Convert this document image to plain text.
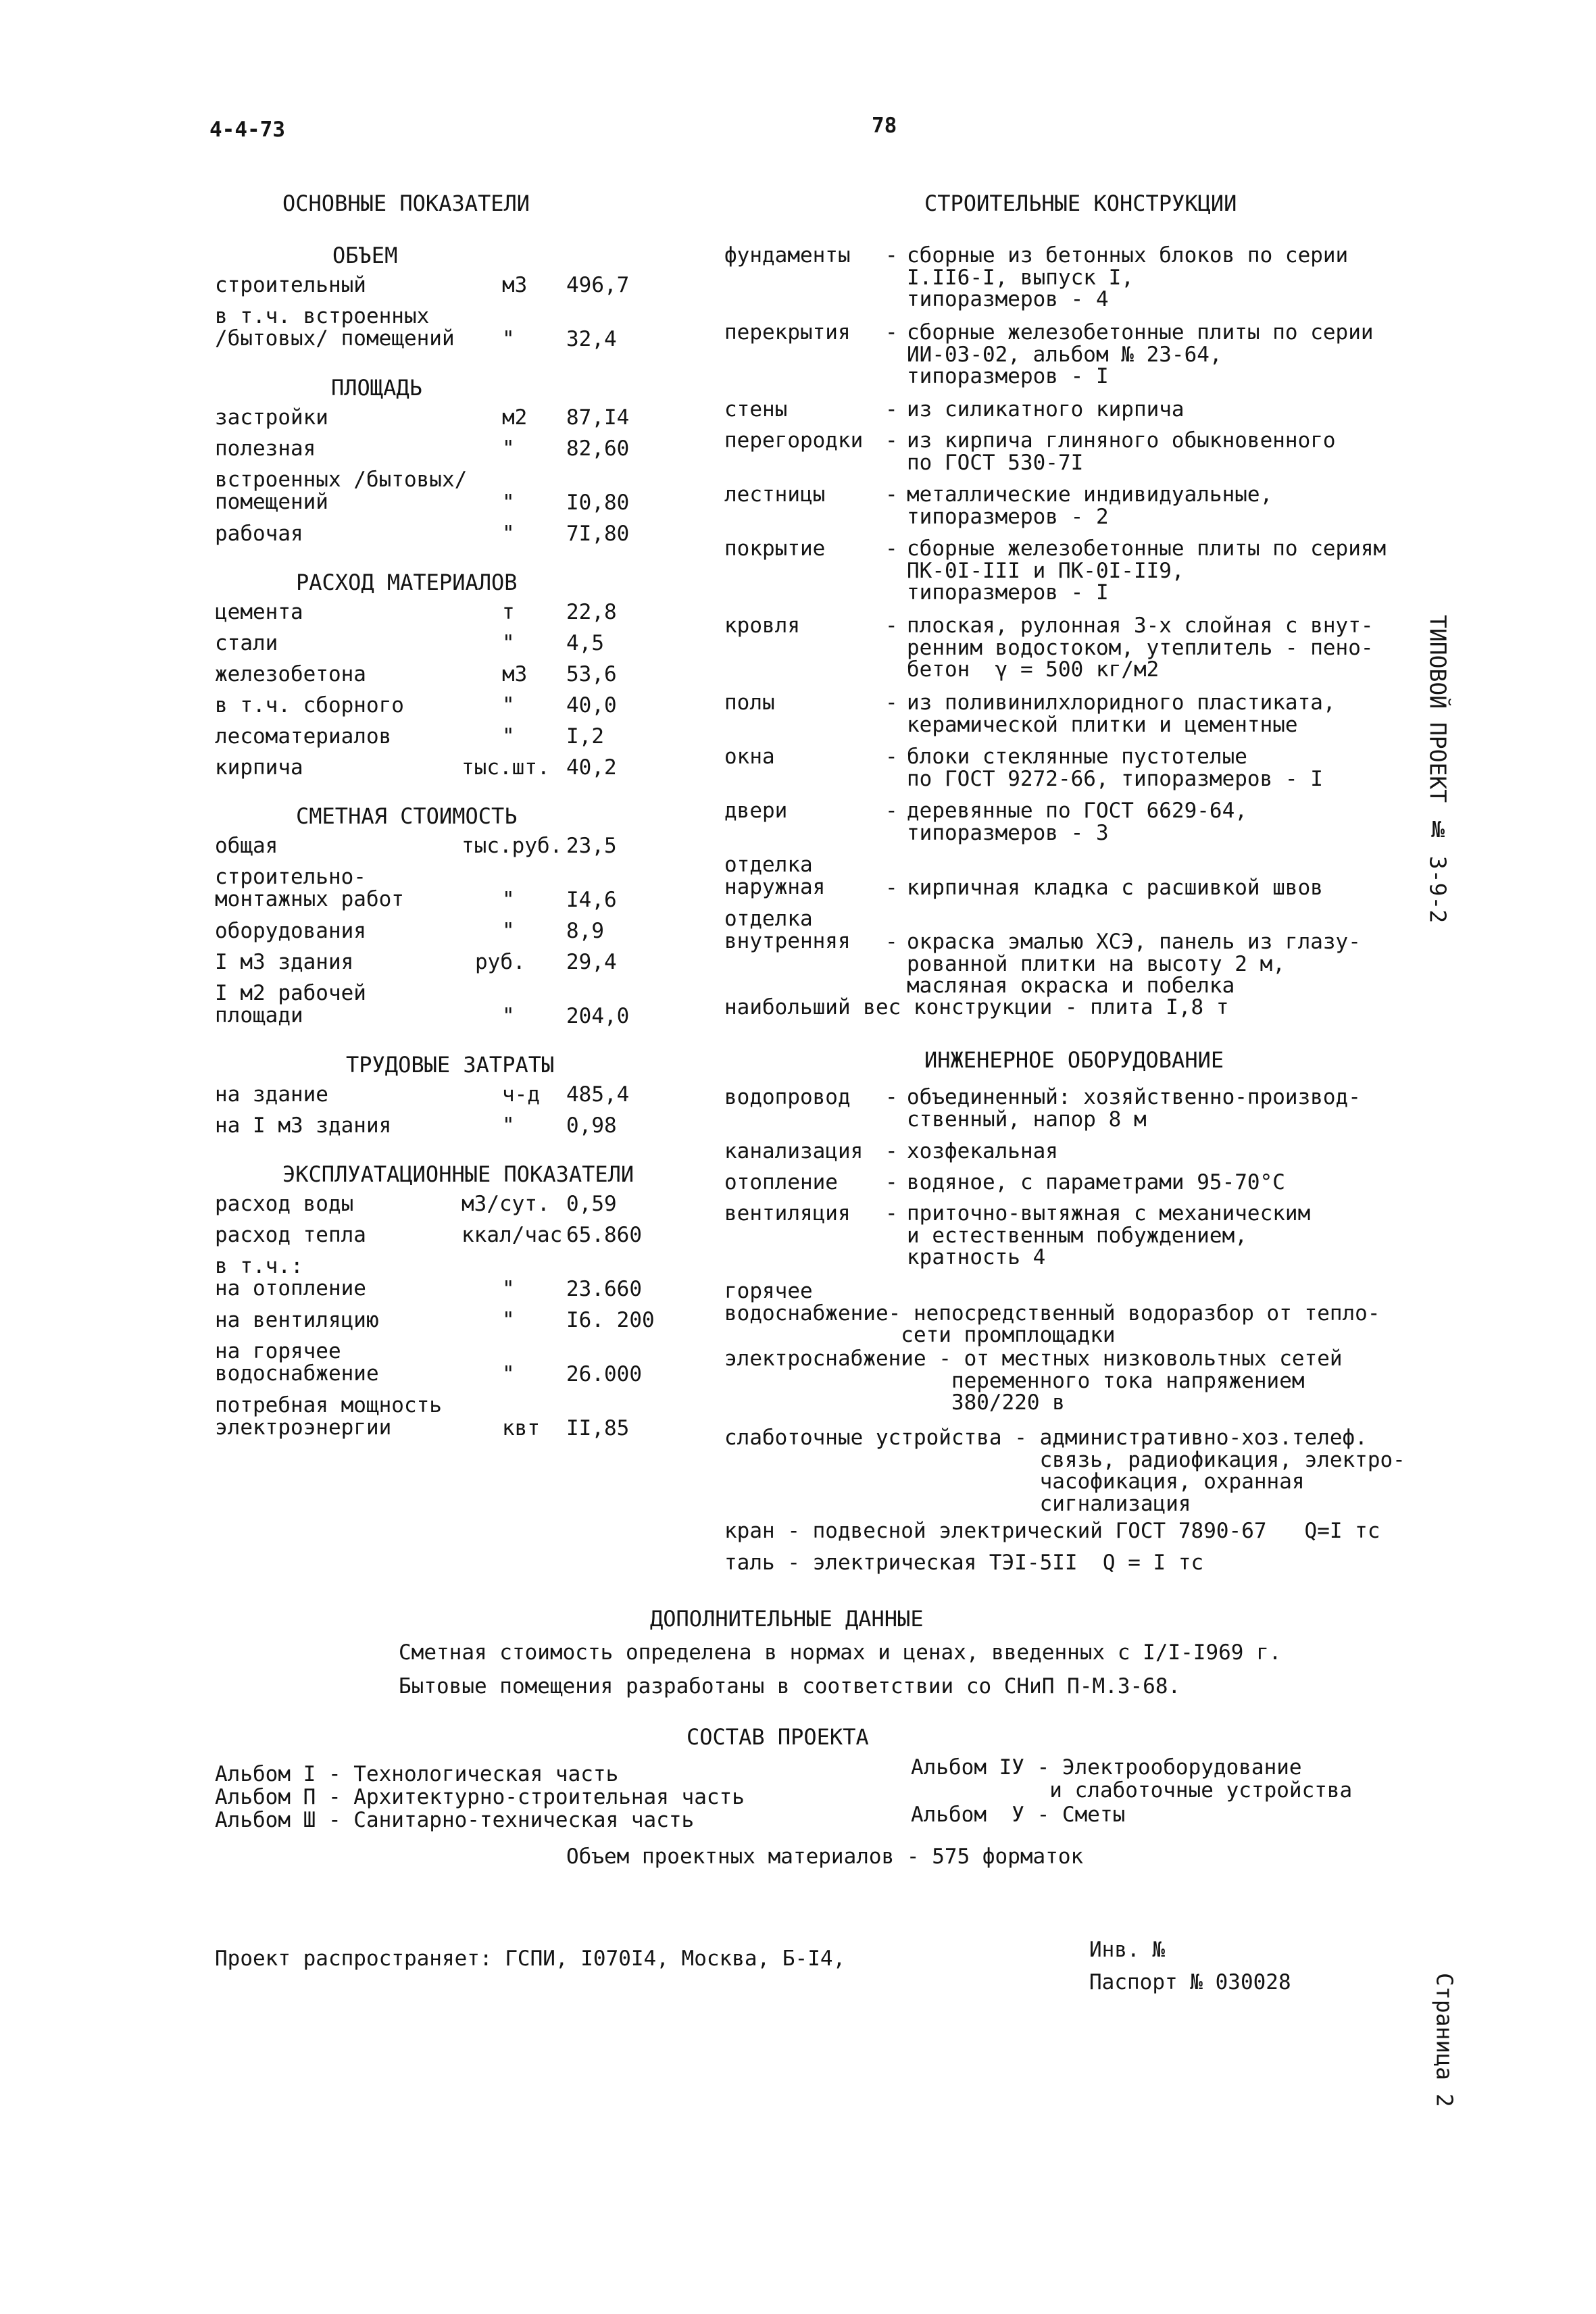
4-4-73	78
ОСНОВНЫЕ ПОКАЗАТЕЛИ
ОБЪЕМ
строительный	м3 496,7
в т.ч. встроенных
/бытовых/ помещений " 32,4
ПЛОЩАДЬ
застройки	м2 87,I4
полезная	" 82,60
встроенных /бытовых/
помещений	" I0,80
рабочая	" 7I,80
РАСХОД МАТЕРИАЛОВ
цемента	т 22,8
стали	" 4,5
железобетона	м3 53,6
в т.ч. сборного	" 40,0
лесоматериалов	" I,2
кирпича	тыс.шт. 40,2
СМЕТНАЯ СТОИМОСТЬ
общая	тыс.руб. 23,5
строительно-
монтажных работ	" I4,6
оборудования	" 8,9
I м3 здания	руб. 29,4
I м2 рабочей
площади	" 204,0
ТРУДОВЫЕ ЗАТРАТЫ
на здание	ч-д 485,4
на I м3 здания	" 0,98
ЭКСПЛУАТАЦИОННЫЕ ПОКАЗАТЕЛИ
расход воды	м3/сут. 0,59
расход тепла	ккал/час 65.860
в т.ч.:
на отопление	" 23.660
на вентиляцию	" I6. 200
на горячее
водоснабжение	" 26.000
потребная мощность
электроэнергии	квт II,85
СТРОИТЕЛЬНЫЕ КОНСТРУКЦИИ
фундаменты - сборные из бетонных блоков по серии
I.II6-I, выпуск I,
типоразмеров - 4
перекрытия - сборные железобетонные плиты по серии
ИИ-03-02, альбом № 23-64,
типоразмеров - I
стены	- из силикатного кирпича
перегородки - из кирпича глиняного обыкновенного
по ГОСТ 530-7I
лестницы	- металлические индивидуальные,
типоразмеров - 2
покрытие	- сборные железобетонные плиты по сериям
ПК-0I-III и ПК-0I-II9,
типоразмеров - I
кровля	- плоская, рулонная 3-х слойная с внут-
ренним водостоком, утеплитель - пено-
бетон  γ = 500 кг/м2
полы	- из поливинилхлоридного пластиката,
керамической плитки и цементные
окна	- блоки стеклянные пустотелые
по ГОСТ 9272-66, типоразмеров - I
двери	- деревянные по ГОСТ 6629-64,
типоразмеров - 3
отделка
наружная	- кирпичная кладка с расшивкой швов
отделка
внутренняя - окраска эмалью ХСЭ, панель из глазу-
рованной плитки на высоту 2 м,
масляная окраска и побелка
наибольший вес конструкции - плита I,8 т
ИНЖЕНЕРНОЕ ОБОРУДОВАНИЕ
водопровод - объединенный: хозяйственно-производ-
ственный, напор 8 м
канализация - хозфекальная
отопление - водяное, с параметрами 95-70°С
вентиляция - приточно-вытяжная с механическим
и естественным побуждением,
кратность 4
горячее
водоснабжение- непосредственный водоразбор от тепло-
сети промплощадки
электроснабжение - от местных низковольтных сетей
переменного тока напряжением
380/220 в
слаботочные устройства - административно-хоз.телеф.
связь, радиофикация, электро-
часофикация, охранная
сигнализация
кран - подвесной электрический ГОСТ 7890-67   Q=I тс
таль - электрическая ТЭI-5II  Q = I тс
ТИПОВОЙ ПРОЕКТ № 3-9-2
ДОПОЛНИТЕЛЬНЫЕ ДАННЫЕ
Сметная стоимость определена в нормах и ценах, введенных с I/I-I969 г.
Бытовые помещения разработаны в соответствии со СНиП П-М.3-68.
СОСТАВ ПРОЕКТА
Альбом I - Технологическая часть
Альбом П - Архитектурно-строительная часть
Альбом Ш - Санитарно-техническая часть
Альбом IУ - Электрооборудование
и слаботочные устройства
Альбом  У - Сметы
Объем проектных материалов - 575 форматок
Проект распространяет: ГСПИ, I070I4, Москва, Б-I4,	Инв. №
Паспорт № 030028	Страница 2
